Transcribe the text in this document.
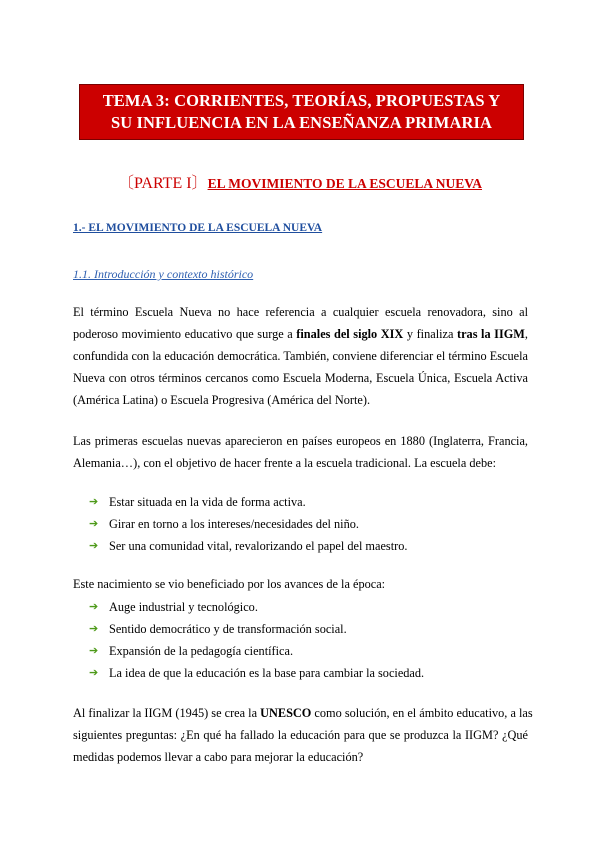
TEMA 3: CORRIENTES, TEORÍAS, PROPUESTAS Y
SU INFLUENCIA EN LA ENSEÑANZA PRIMARIA
〔PARTE I〕EL MOVIMIENTO DE LA ESCUELA NUEVA
1.- EL MOVIMIENTO DE LA ESCUELA NUEVA
1.1. Introducción y contexto histórico
El término Escuela Nueva no hace referencia a cualquier escuela renovadora, sino al
poderoso movimiento educativo que surge a finales del siglo XIX y finaliza tras la IIGM,
confundida con la educación democrática. También, conviene diferenciar el término Escuela
Nueva con otros términos cercanos como Escuela Moderna, Escuela Única, Escuela Activa
(América Latina) o Escuela Progresiva (América del Norte).
Las primeras escuelas nuevas aparecieron en países europeos en 1880 (Inglaterra, Francia,
Alemania…), con el objetivo de hacer frente a la escuela tradicional. La escuela debe:
➔ Estar situada en la vida de forma activa.
➔ Girar en torno a los intereses/necesidades del niño.
➔ Ser una comunidad vital, revalorizando el papel del maestro.
Este nacimiento se vio beneficiado por los avances de la época:
➔ Auge industrial y tecnológico.
➔ Sentido democrático y de transformación social.
➔ Expansión de la pedagogía científica.
➔ La idea de que la educación es la base para cambiar la sociedad.
Al finalizar la IIGM (1945) se crea la UNESCO como solución, en el ámbito educativo, a las
siguientes preguntas: ¿En qué ha fallado la educación para que se produzca la IIGM? ¿Qué
medidas podemos llevar a cabo para mejorar la educación?
